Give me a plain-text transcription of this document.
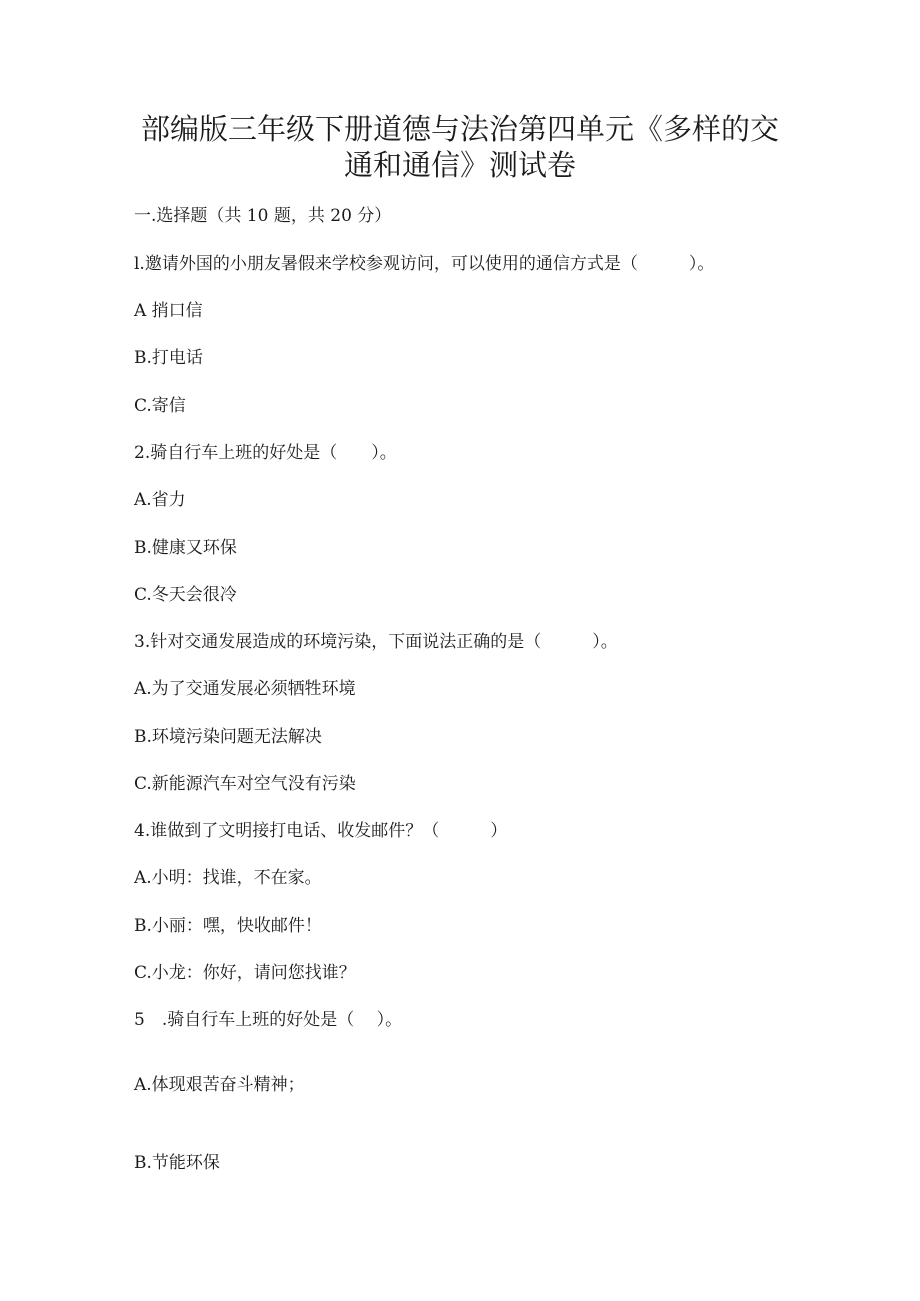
部编版三年级下册道德与法治第四单元《多样的交
通和通信》测试卷
一.选择题（共 10 题，共 20 分）
l.邀请外国的小朋友暑假来学校参观访问，可以使用的通信方式是（　　　）。
A 捎口信
B.打电话
C.寄信
2.骑自行车上班的好处是（　　）。
A.省力
B.健康又环保
C.冬天会很冷
3.针对交通发展造成的环境污染，下面说法正确的是（　　　）。
A.为了交通发展必须牺牲环境
B.环境污染问题无法解决
C.新能源汽车对空气没有污染
4.谁做到了文明接打电话、收发邮件？（　　　）
A.小明：找谁，不在家。
B.小丽：嘿，快收邮件！
C.小龙：你好，请问您找谁？
5　.骑自行车上班的好处是（　 ）。
A.体现艰苦奋斗精神；
B.节能环保
